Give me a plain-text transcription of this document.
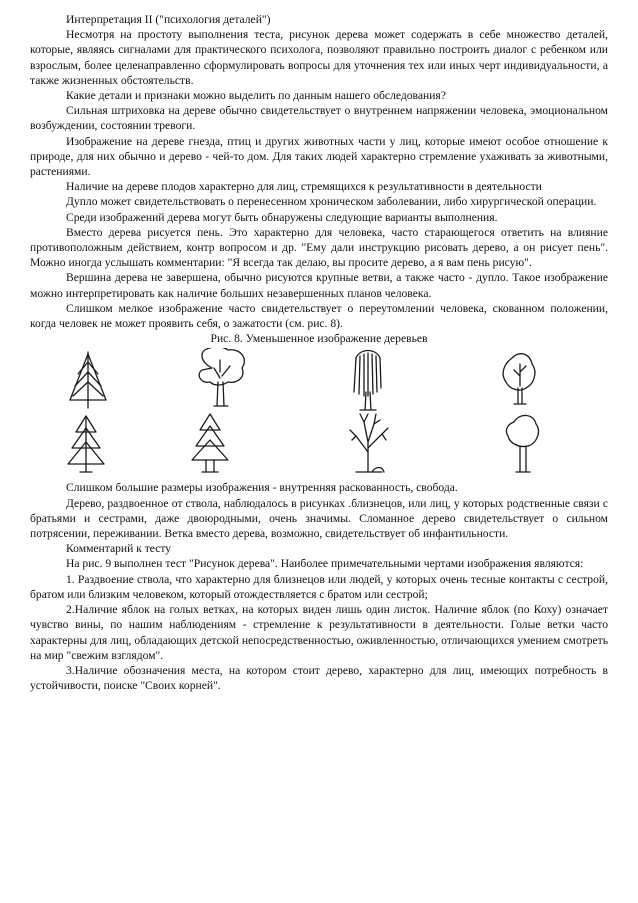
Интерпретация II ("психология деталей")

Несмотря на простоту выполнения теста, рисунок дерева может содержать в себе множество деталей, которые, являясь сигналами для практического психолога, позволяют правильно построить диалог с ребенком или взрослым, более целенаправленно сформулировать вопросы для уточнения тех или иных черт индивидуальности, а также жизненных обстоятельств.

Какие детали и признаки можно выделить по данным нашего обследования?

Сильная штриховка на дереве обычно свидетельствует о внутреннем напряжении человека, эмоциональном возбуждении, состоянии тревоги.

Изображение на дереве гнезда, птиц и других животных части у лиц, которые имеют особое отношение к природе, для них обычно и дерево - чей-то дом. Для таких людей характерно стремление ухаживать за животными, растениями.

Наличие на дереве плодов характерно для лиц, стремящихся к результативности в деятельности

Дупло может свидетельствовать о перенесенном хроническом заболевании, либо хирургической операции.

Среди изображений дерева могут быть обнаружены следующие варианты выполнения.

Вместо дерева рисуется пень. Это характерно для человека, часто старающегося ответить на влияние противоположным действием, контр вопросом и др. "Ему дали инструкцию рисовать дерево, а он рисует пень". Можно иногда услышать комментарии: "Я всегда так делаю, вы просите дерево, а я вам пень рисую".

Вершина дерева не завершена, обычно рисуются крупные ветви, а также часто - дупло. Такое изображение можно интерпретировать как наличие больших незавершенных планов человека.

Слишком мелкое изображение часто свидетельствует о переутомлении человека, скованном положении, когда человек не может проявить себя, о зажатости (см. рис. 8).

Рис. 8. Уменьшенное изображение деревьев

Слишком большие размеры изображения - внутренняя раскованность, свобода.

Дерево, раздвоенное от ствола, наблюдалось в рисунках .близнецов, или лиц, у которых родственные связи с братьями и сестрами, даже двоюродными, очень значимы. Сломанное дерево свидетельствует о сильном потрясении, переживании. Ветка вместо дерева, возможно, свидетельствует об инфантильности.

Комментарий к тесту

На рис. 9 выполнен тест "Рисунок дерева". Наиболее примечательными чертами изображения являются:

1. Раздвоение ствола, что характерно для близнецов или людей, у которых очень тесные контакты с сестрой, братом или близким человеком, который отождествляется с братом или сестрой;

2.Наличие яблок на голых ветках, на которых виден лишь один листок. Наличие яблок (по Коху) означает чувство вины, по нашим наблюдениям - стремление к результативности в деятельности. Голые ветки часто характерны для лиц, обладающих детской непосредственностью, оживленностью, отличающихся умением смотреть на мир "свежим взглядом".

3.Наличие обозначения места, на котором стоит дерево, характерно для лиц, имеющих потребность в устойчивости, поиске "Своих корней".
